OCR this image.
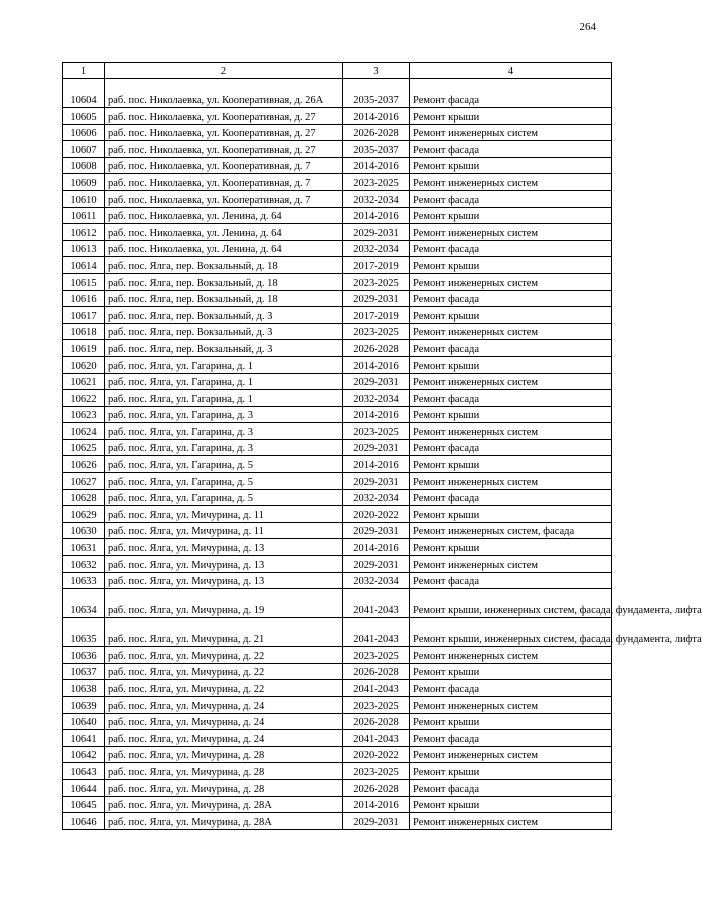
264
1	2	3	4
10604	раб. пос. Николаевка, ул. Кооперативная, д. 26А	2035-2037	Ремонт фасада
10605	раб. пос. Николаевка, ул. Кооперативная, д. 27	2014-2016	Ремонт крыши
10606	раб. пос. Николаевка, ул. Кооперативная, д. 27	2026-2028	Ремонт инженерных систем
10607	раб. пос. Николаевка, ул. Кооперативная, д. 27	2035-2037	Ремонт фасада
10608	раб. пос. Николаевка, ул. Кооперативная, д. 7	2014-2016	Ремонт крыши
10609	раб. пос. Николаевка, ул. Кооперативная, д. 7	2023-2025	Ремонт инженерных систем
10610	раб. пос. Николаевка, ул. Кооперативная, д. 7	2032-2034	Ремонт фасада
10611	раб. пос. Николаевка, ул. Ленина, д. 64	2014-2016	Ремонт крыши
10612	раб. пос. Николаевка, ул. Ленина, д. 64	2029-2031	Ремонт инженерных систем
10613	раб. пос. Николаевка, ул. Ленина, д. 64	2032-2034	Ремонт фасада
10614	раб. пос. Ялга, пер. Вокзальный, д. 18	2017-2019	Ремонт крыши
10615	раб. пос. Ялга, пер. Вокзальный, д. 18	2023-2025	Ремонт инженерных систем
10616	раб. пос. Ялга, пер. Вокзальный, д. 18	2029-2031	Ремонт фасада
10617	раб. пос. Ялга, пер. Вокзальный, д. 3	2017-2019	Ремонт крыши
10618	раб. пос. Ялга, пер. Вокзальный, д. 3	2023-2025	Ремонт инженерных систем
10619	раб. пос. Ялга, пер. Вокзальный, д. 3	2026-2028	Ремонт фасада
10620	раб. пос. Ялга, ул. Гагарина, д. 1	2014-2016	Ремонт крыши
10621	раб. пос. Ялга, ул. Гагарина, д. 1	2029-2031	Ремонт инженерных систем
10622	раб. пос. Ялга, ул. Гагарина, д. 1	2032-2034	Ремонт фасада
10623	раб. пос. Ялга, ул. Гагарина, д. 3	2014-2016	Ремонт крыши
10624	раб. пос. Ялга, ул. Гагарина, д. 3	2023-2025	Ремонт инженерных систем
10625	раб. пос. Ялга, ул. Гагарина, д. 3	2029-2031	Ремонт фасада
10626	раб. пос. Ялга, ул. Гагарина, д. 5	2014-2016	Ремонт крыши
10627	раб. пос. Ялга, ул. Гагарина, д. 5	2029-2031	Ремонт инженерных систем
10628	раб. пос. Ялга, ул. Гагарина, д. 5	2032-2034	Ремонт фасада
10629	раб. пос. Ялга, ул. Мичурина, д. 11	2020-2022	Ремонт крыши
10630	раб. пос. Ялга, ул. Мичурина, д. 11	2029-2031	Ремонт инженерных систем, фасада
10631	раб. пос. Ялга, ул. Мичурина, д. 13	2014-2016	Ремонт крыши
10632	раб. пос. Ялга, ул. Мичурина, д. 13	2029-2031	Ремонт инженерных систем
10633	раб. пос. Ялга, ул. Мичурина, д. 13	2032-2034	Ремонт фасада
10634	раб. пос. Ялга, ул. Мичурина, д. 19	2041-2043	Ремонт крыши, инженерных систем, фасада, фундамента, лифта
10635	раб. пос. Ялга, ул. Мичурина, д. 21	2041-2043	Ремонт крыши, инженерных систем, фасада, фундамента, лифта
10636	раб. пос. Ялга, ул. Мичурина, д. 22	2023-2025	Ремонт инженерных систем
10637	раб. пос. Ялга, ул. Мичурина, д. 22	2026-2028	Ремонт крыши
10638	раб. пос. Ялга, ул. Мичурина, д. 22	2041-2043	Ремонт фасада
10639	раб. пос. Ялга, ул. Мичурина, д. 24	2023-2025	Ремонт инженерных систем
10640	раб. пос. Ялга, ул. Мичурина, д. 24	2026-2028	Ремонт крыши
10641	раб. пос. Ялга, ул. Мичурина, д. 24	2041-2043	Ремонт фасада
10642	раб. пос. Ялга, ул. Мичурина, д. 28	2020-2022	Ремонт инженерных систем
10643	раб. пос. Ялга, ул. Мичурина, д. 28	2023-2025	Ремонт крыши
10644	раб. пос. Ялга, ул. Мичурина, д. 28	2026-2028	Ремонт фасада
10645	раб. пос. Ялга, ул. Мичурина, д. 28А	2014-2016	Ремонт крыши
10646	раб. пос. Ялга, ул. Мичурина, д. 28А	2029-2031	Ремонт инженерных систем
